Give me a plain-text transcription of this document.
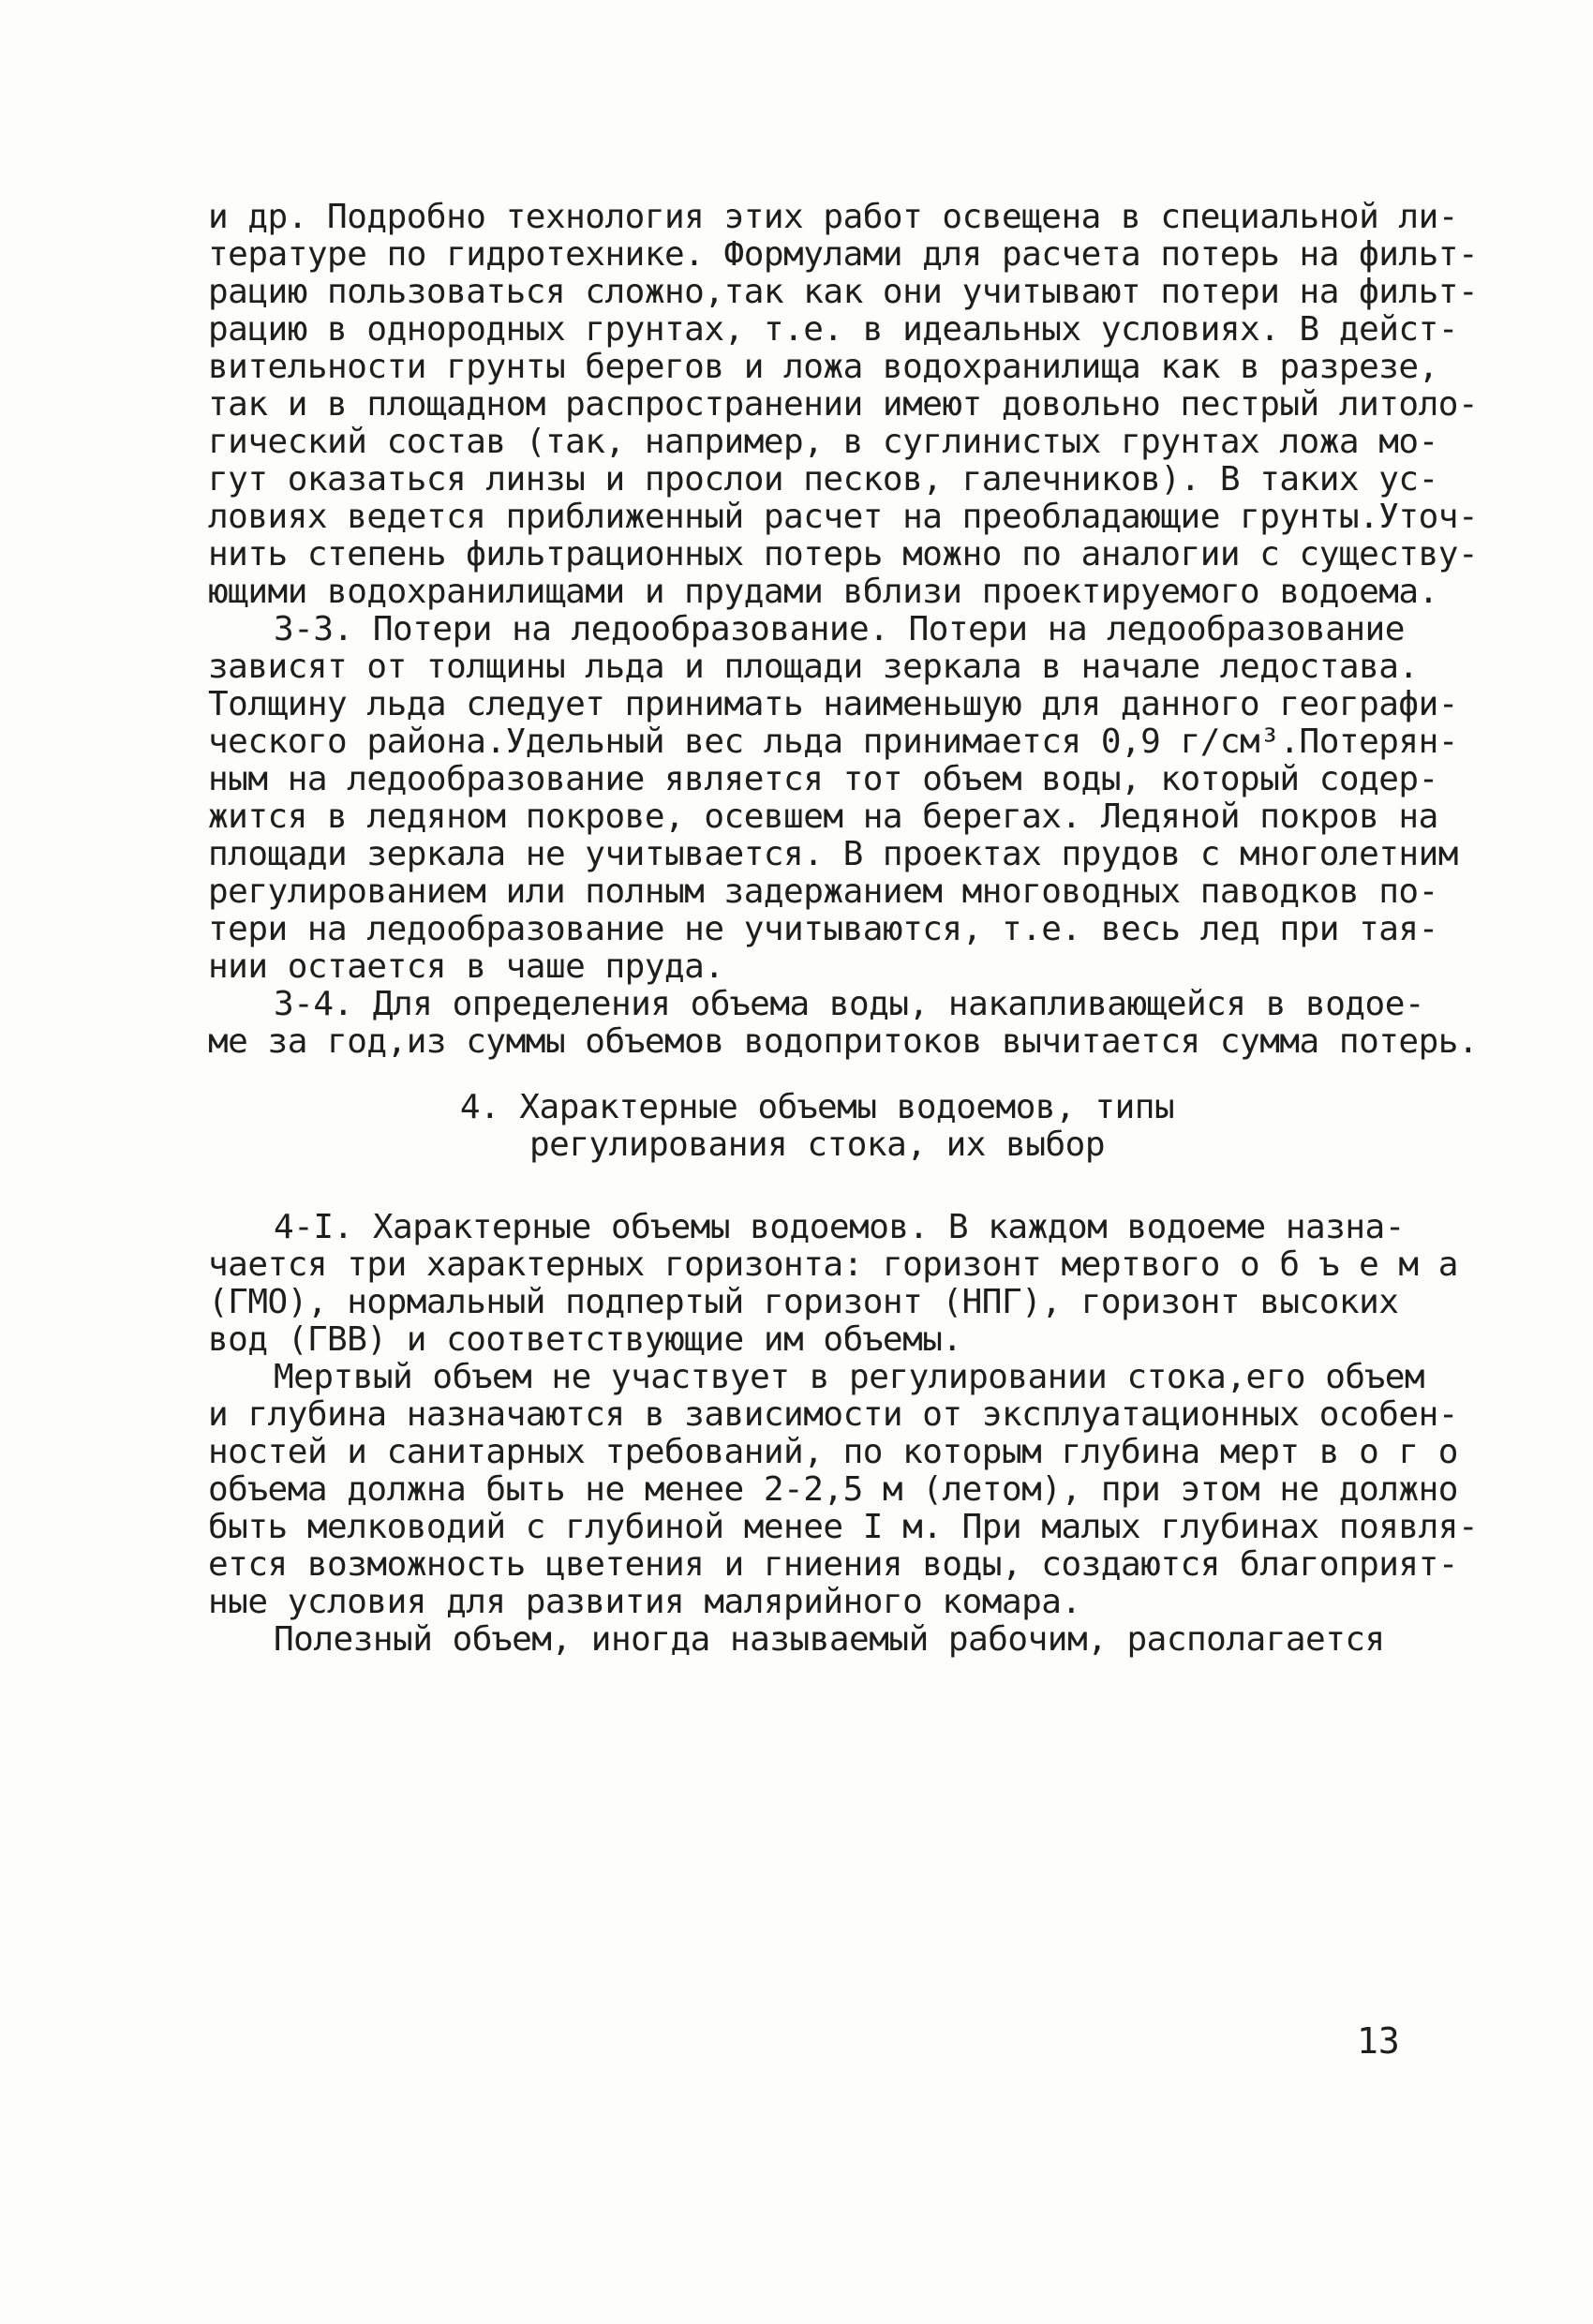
и др. Подробно технология этих работ освещена в специальной ли-
тературе по гидротехнике. Формулами для расчета потерь на фильт-
рацию пользоваться сложно,так как они учитывают потери на фильт-
рацию в однородных грунтах, т.е. в идеальных условиях. В дейст-
вительности грунты берегов и ложа водохранилища как в разрезе,
так и в площадном распространении имеют довольно пестрый литоло-
гический состав (так, например, в суглинистых грунтах ложа мо-
гут оказаться линзы и прослои песков, галечников). В таких ус-
ловиях ведется приближенный расчет на преобладающие грунты.Уточ-
нить степень фильтрационных потерь можно по аналогии с существу-
ющими водохранилищами и прудами вблизи проектируемого водоема.
3-3. Потери на ледообразование. Потери на ледообразование
зависят от толщины льда и площади зеркала в начале ледостава.
Толщину льда следует принимать наименьшую для данного географи-
ческого района.Удельный вес льда принимается 0,9 г/см³.Потерян-
ным на ледообразование является тот объем воды, который содер-
жится в ледяном покрове, осевшем на берегах. Ледяной покров на
площади зеркала не учитывается. В проектах прудов с многолетним
регулированием или полным задержанием многоводных паводков по-
тери на ледообразование не учитываются, т.е. весь лед при тая-
нии остается в чаше пруда.
3-4. Для определения объема воды, накапливающейся в водое-
ме за год,из суммы объемов водопритоков вычитается сумма потерь.
4. Характерные объемы водоемов, типы
регулирования стока, их выбор
4-I. Характерные объемы водоемов. В каждом водоеме назна-
чается три характерных горизонта: горизонт мертвого о б ъ е м а
(ГМО), нормальный подпертый горизонт (НПГ), горизонт высоких
вод (ГВВ) и соответствующие им объемы.
Мертвый объем не участвует в регулировании стока,его объем
и глубина назначаются в зависимости от эксплуатационных особен-
ностей и санитарных требований, по которым глубина мерт в о г о
объема должна быть не менее 2-2,5 м (летом), при этом не должно
быть мелководий с глубиной менее I м. При малых глубинах появля-
ется возможность цветения и гниения воды, создаются благоприят-
ные условия для развития малярийного комара.
Полезный объем, иногда называемый рабочим, располагается
13
